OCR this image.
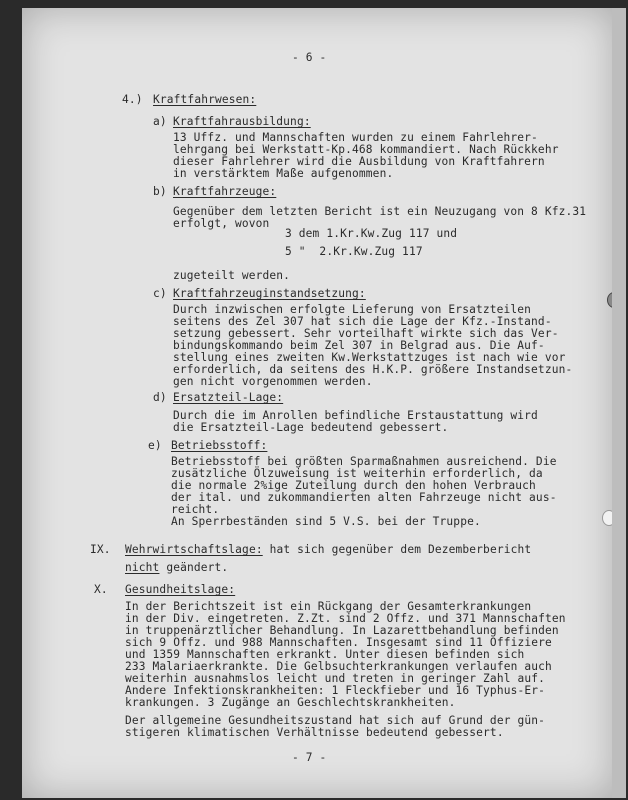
- 6 -
4.) Kraftfahrwesen:
a) Kraftfahrausbildung:
13 Uffz. und Mannschaften wurden zu einem Fahrlehrer-
lehrgang bei Werkstatt-Kp.468 kommandiert. Nach Rückkehr
dieser Fahrlehrer wird die Ausbildung von Kraftfahrern
in verstärktem Maße aufgenommen.
b) Kraftfahrzeuge:
Gegenüber dem letzten Bericht ist ein Neuzugang von 8 Kfz.31
erfolgt, wovon
3 dem 1.Kr.Kw.Zug 117 und
5 "  2.Kr.Kw.Zug 117
zugeteilt werden.
c) Kraftfahrzeuginstandsetzung:
Durch inzwischen erfolgte Lieferung von Ersatzteilen
seitens des Zel 307 hat sich die Lage der Kfz.-Instand-
setzung gebessert. Sehr vorteilhaft wirkte sich das Ver-
bindungskommando beim Zel 307 in Belgrad aus. Die Auf-
stellung eines zweiten Kw.Werkstattzuges ist nach wie vor
erforderlich, da seitens des H.K.P. größere Instandsetzun-
gen nicht vorgenommen werden.
d) Ersatzteil-Lage:
Durch die im Anrollen befindliche Erstaustattung wird
die Ersatzteil-Lage bedeutend gebessert.
e) Betriebsstoff:
Betriebsstoff bei größten Sparmaßnahmen ausreichend. Die
zusätzliche Ölzuweisung ist weiterhin erforderlich, da
die normale 2%ige Zuteilung durch den hohen Verbrauch
der ital. und zukommandierten alten Fahrzeuge nicht aus-
reicht.
An Sperrbeständen sind 5 V.S. bei der Truppe.
IX. Wehrwirtschaftslage: hat sich gegenüber dem Dezemberbericht
nicht geändert.
X. Gesundheitslage:
In der Berichtszeit ist ein Rückgang der Gesamterkrankungen
in der Div. eingetreten. Z.Zt. sind 2 Offz. und 371 Mannschaften
in truppenärztlicher Behandlung. In Lazarettbehandlung befinden
sich 9 Offz. und 988 Mannschaften. Insgesamt sind 11 Offiziere
und 1359 Mannschaften erkrankt. Unter diesen befinden sich
233 Malariaerkrankte. Die Gelbsuchterkrankungen verlaufen auch
weiterhin ausnahmslos leicht und treten in geringer Zahl auf.
Andere Infektionskrankheiten: 1 Fleckfieber und 16 Typhus-Er-
krankungen. 3 Zugänge an Geschlechtskrankheiten.
Der allgemeine Gesundheitszustand hat sich auf Grund der gün-
stigeren klimatischen Verhältnisse bedeutend gebessert.
- 7 -
